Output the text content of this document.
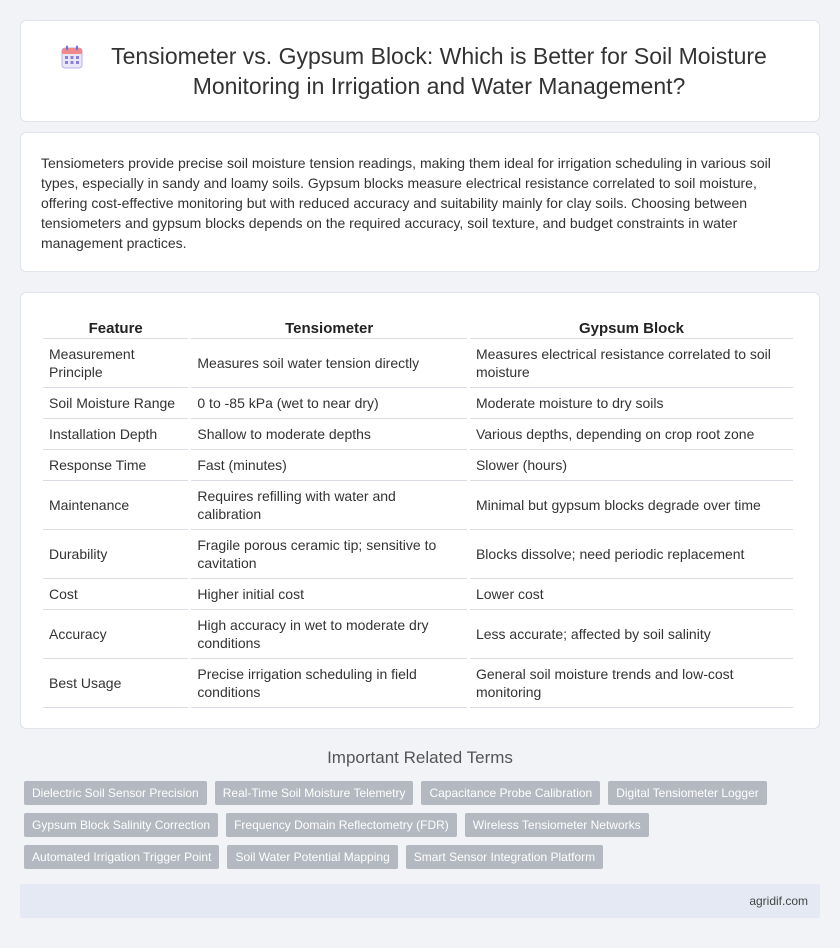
Tensiometer vs. Gypsum Block: Which is Better for Soil Moisture Monitoring in Irrigation and Water Management?

Tensiometers provide precise soil moisture tension readings, making them ideal for irrigation scheduling in various soil types, especially in sandy and loamy soils. Gypsum blocks measure electrical resistance correlated to soil moisture, offering cost-effective monitoring but with reduced accuracy and suitability mainly for clay soils. Choosing between tensiometers and gypsum blocks depends on the required accuracy, soil texture, and budget constraints in water management practices.

Feature	Tensiometer	Gypsum Block
Measurement Principle	Measures soil water tension directly	Measures electrical resistance correlated to soil moisture
Soil Moisture Range	0 to -85 kPa (wet to near dry)	Moderate moisture to dry soils
Installation Depth	Shallow to moderate depths	Various depths, depending on crop root zone
Response Time	Fast (minutes)	Slower (hours)
Maintenance	Requires refilling with water and calibration	Minimal but gypsum blocks degrade over time
Durability	Fragile porous ceramic tip; sensitive to cavitation	Blocks dissolve; need periodic replacement
Cost	Higher initial cost	Lower cost
Accuracy	High accuracy in wet to moderate dry conditions	Less accurate; affected by soil salinity
Best Usage	Precise irrigation scheduling in field conditions	General soil moisture trends and low-cost monitoring
Important Related Terms
Dielectric Soil Sensor Precision	Real-Time Soil Moisture Telemetry	Capacitance Probe Calibration	Digital Tensiometer Logger
Gypsum Block Salinity Correction	Frequency Domain Reflectometry (FDR)	Wireless Tensiometer Networks
Automated Irrigation Trigger Point	Soil Water Potential Mapping	Smart Sensor Integration Platform
agridif.com
